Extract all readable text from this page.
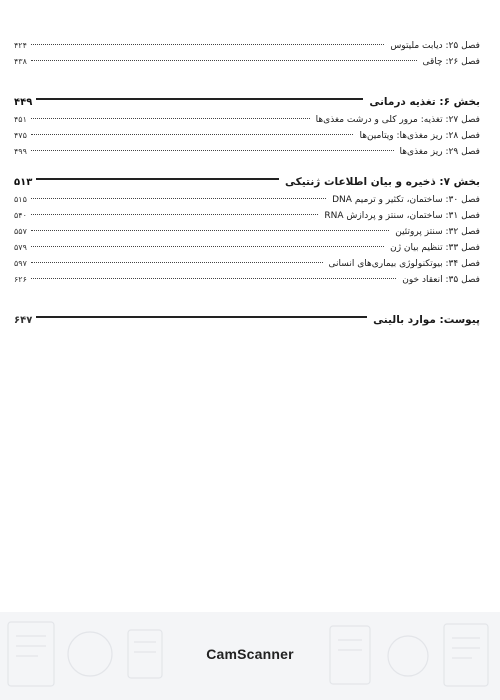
فصل ۲۵: دیابت ملیتوس
۴۲۴
فصل ۲۶: چاقی
۴۳۸
بخش ۶: تغذیه درمانی
۴۴۹
فصل ۲۷: تغذیه: مرور کلی و درشت مغذی‌ها
۴۵۱
فصل ۲۸: ریز مغذی‌ها: ویتامین‌ها
۴۷۵
فصل ۲۹: ریز مغذی‌ها
۴۹۹
بخش ۷: ذخیره و بیان اطلاعات ژنتیکی
۵۱۳
فصل ۳۰: ساختمان، تکثیر و ترمیم DNA
۵۱۵
فصل ۳۱: ساختمان، سنتز و پردازش RNA
۵۴۰
فصل ۳۲: سنتز پروتئین
۵۵۷
فصل ۳۳: تنظیم بیان ژن
۵۷۹
فصل ۳۴: بیوتکنولوژی بیماری‌های انسانی
۵۹۷
فصل ۳۵: انعقاد خون
۶۲۶
پیوست: موارد بالینی
۶۴۷
CamScanner
